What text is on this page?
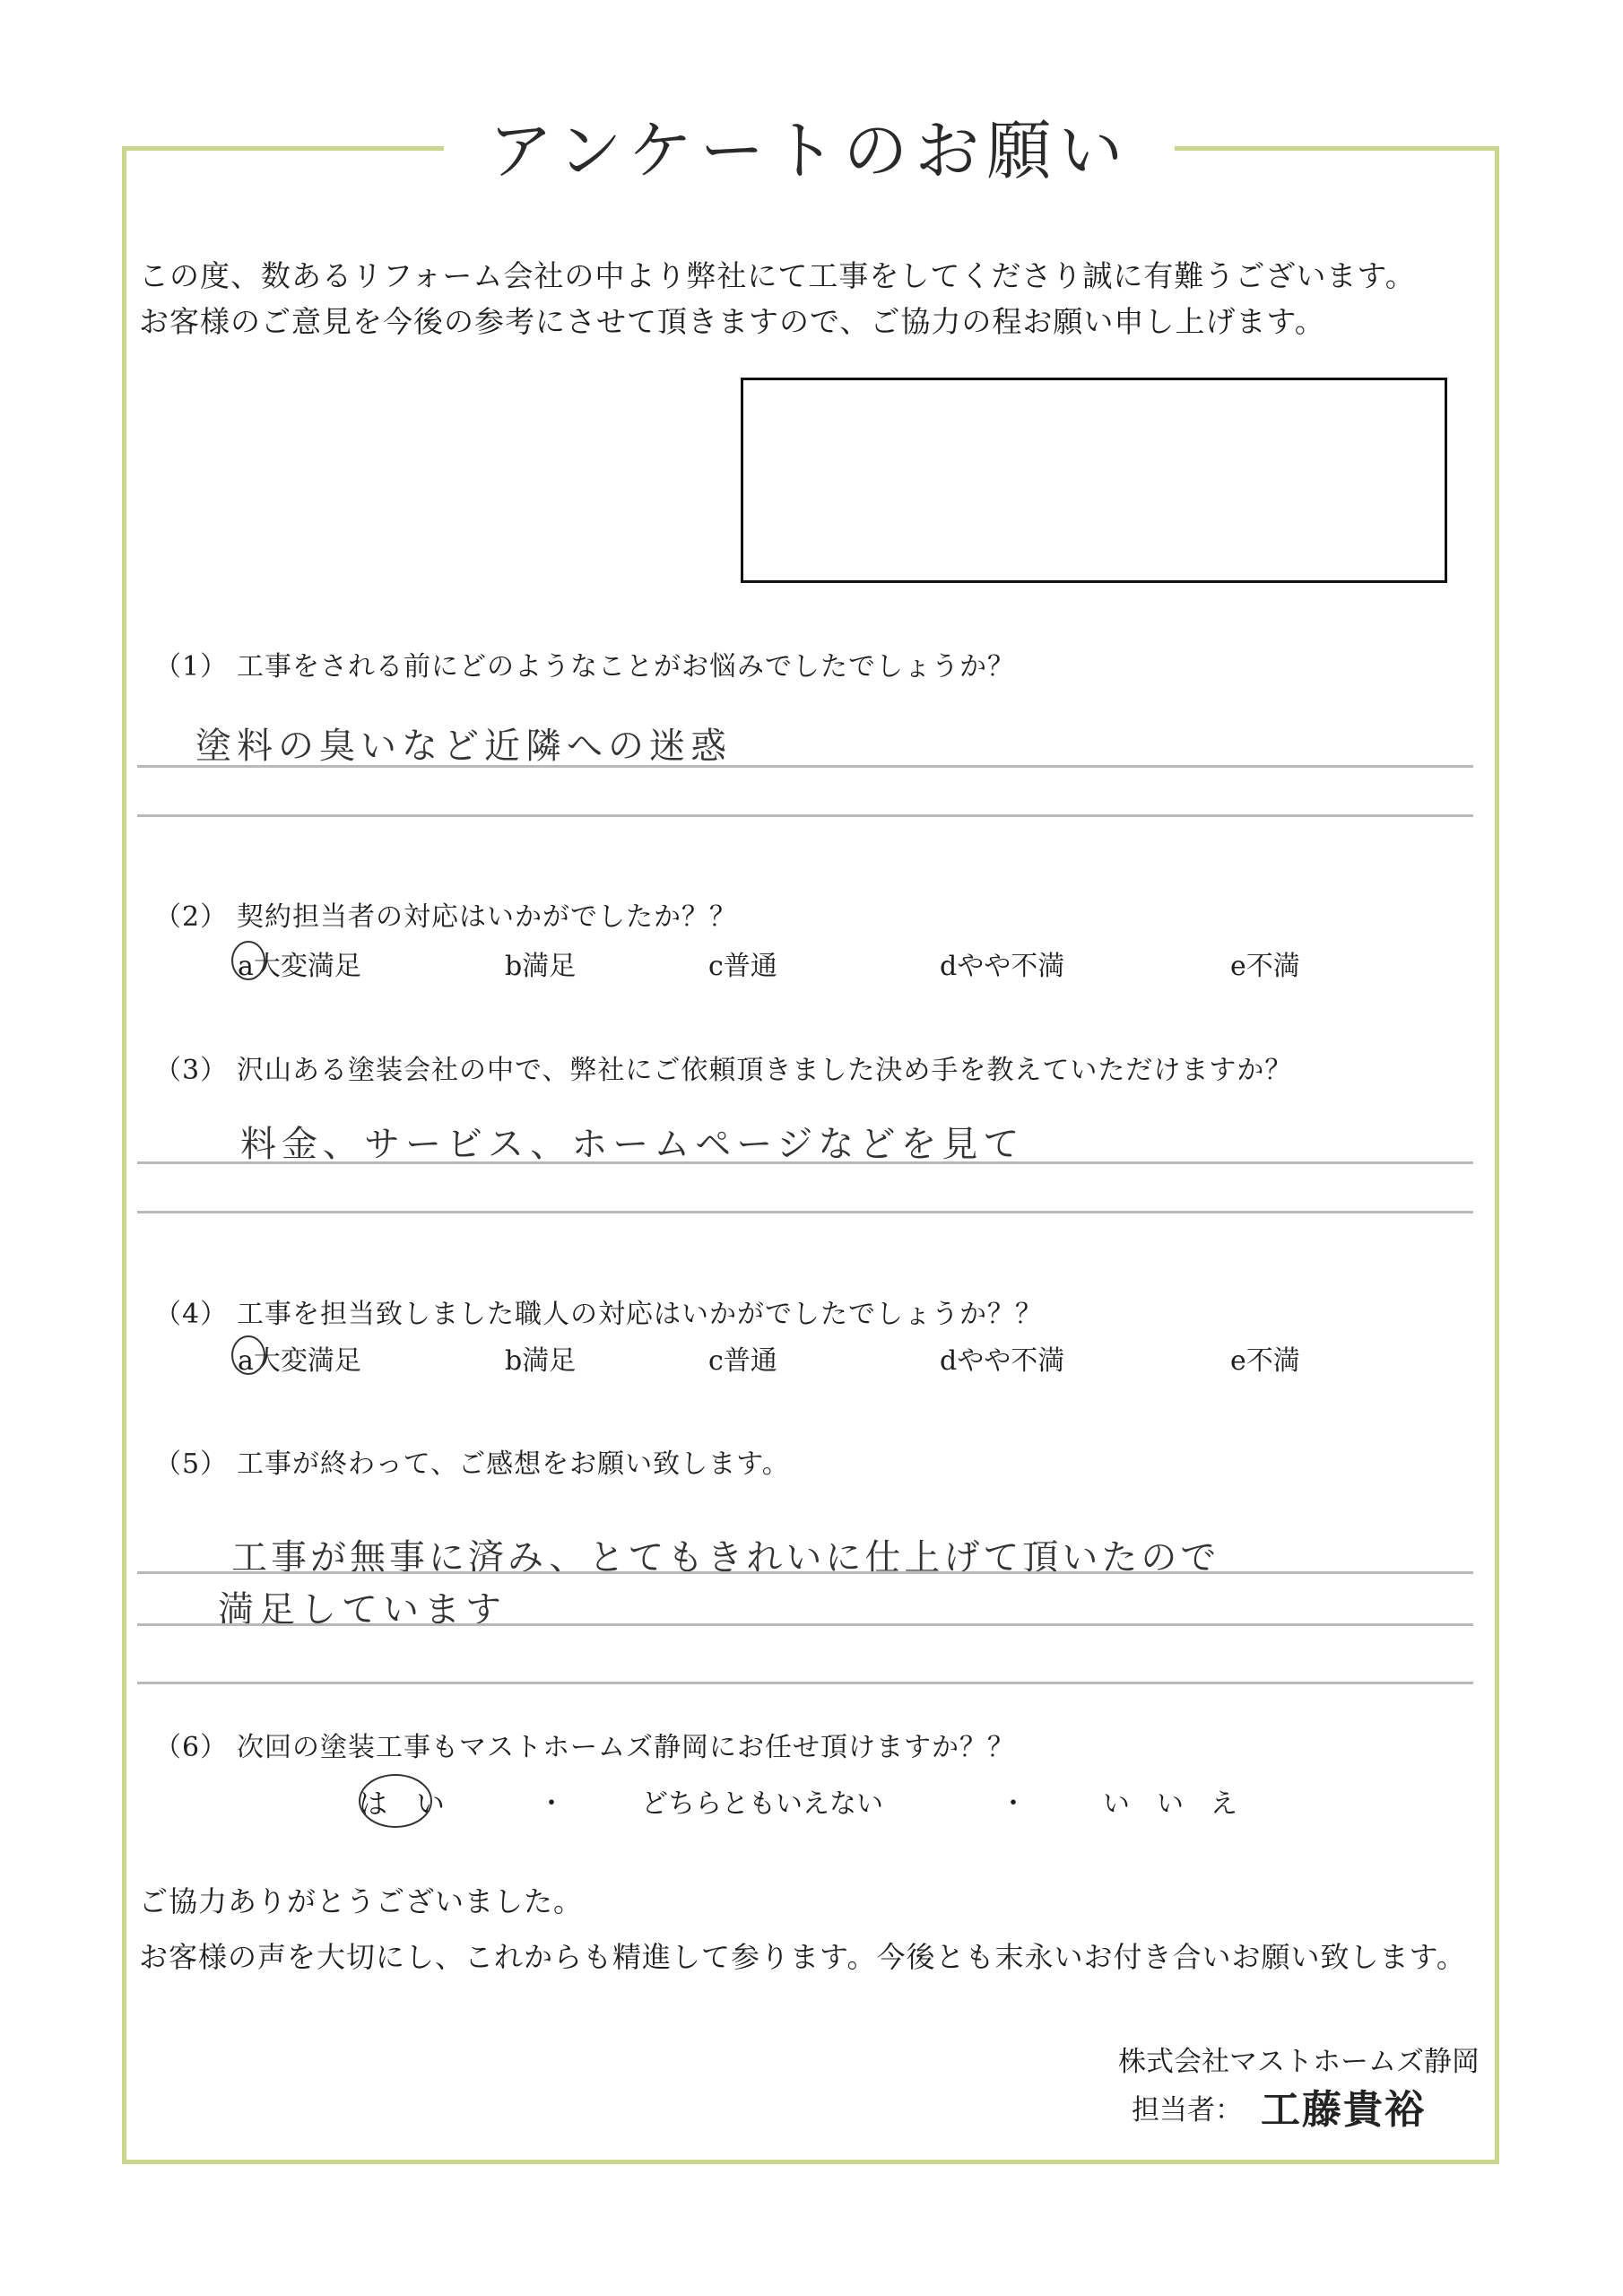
アンケートのお願い
この度、数あるリフォーム会社の中より弊社にて工事をしてくださり誠に有難うございます。
お客様のご意見を今後の参考にさせて頂きますので、ご協力の程お願い申し上げます。
（1） 工事をされる前にどのようなことがお悩みでしたでしょうか？
塗料の臭いなど近隣への迷惑
（2） 契約担当者の対応はいかがでしたか？？
a大変満足	b満足	c普通	dやや不満	e不満
（3） 沢山ある塗装会社の中で、弊社にご依頼頂きました決め手を教えていただけますか？
料金、サービス、ホームページなどを見て
（4） 工事を担当致しました職人の対応はいかがでしたでしょうか？？
a大変満足	b満足	c普通	dやや不満	e不満
（5） 工事が終わって、ご感想をお願い致します。
工事が無事に済み、とてもきれいに仕上げて頂いたので
満足しています
（6） 次回の塗装工事もマストホームズ静岡にお任せ頂けますか？？
は　い	・	どちらともいえない	・	い　い　え
ご協力ありがとうございました。
お客様の声を大切にし、これからも精進して参ります。今後とも末永いお付き合いお願い致します。
株式会社マストホームズ静岡
担当者： 工藤貴裕
